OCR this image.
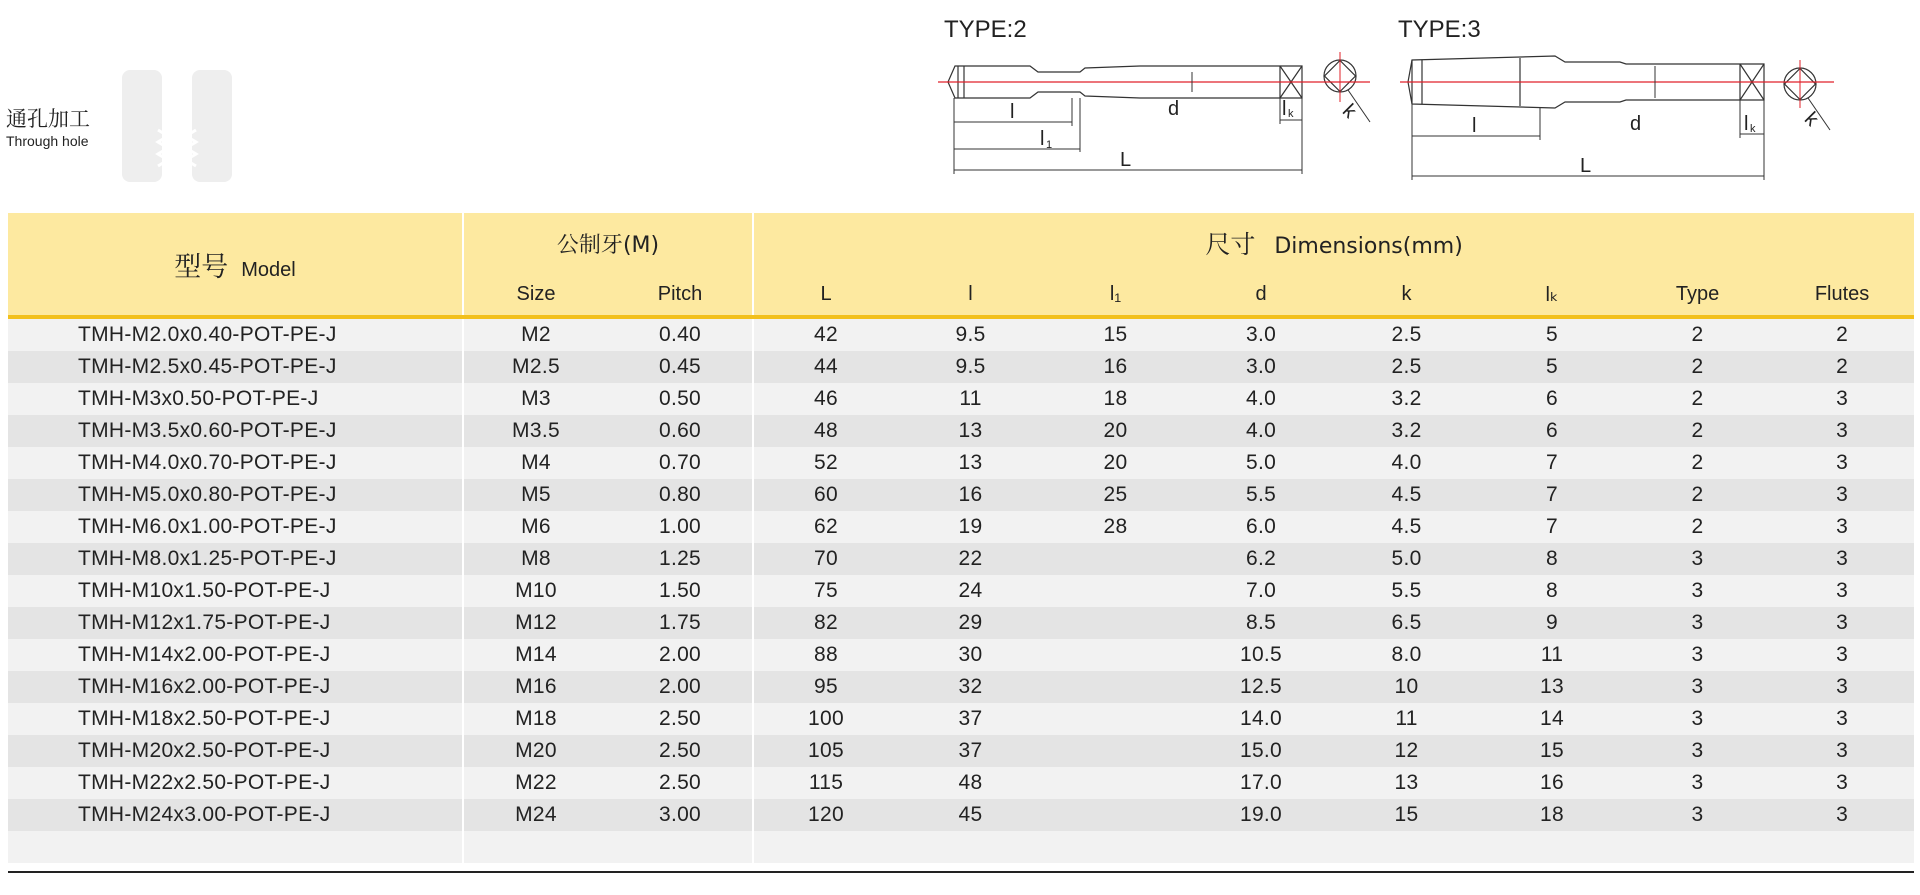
通孔加工
Through hole
TYPE:2
l
l 1
L
d	l k k
TYPE:3
l
L
d	l k k
型号 Model	公制牙(M)		尺寸 Dimensions(mm)							
	Size	Pitch	L	l	l₁	d	k	lₖ	Type	Flutes
TMH-M2.0x0.40-POT-PE-J	M2	0.40	42	9.5	15	3.0	2.5	5	2	2
TMH-M2.5x0.45-POT-PE-J	M2.5	0.45	44	9.5	16	3.0	2.5	5	2	2
TMH-M3x0.50-POT-PE-J	M3	0.50	46	11	18	4.0	3.2	6	2	3
TMH-M3.5x0.60-POT-PE-J	M3.5	0.60	48	13	20	4.0	3.2	6	2	3
TMH-M4.0x0.70-POT-PE-J	M4	0.70	52	13	20	5.0	4.0	7	2	3
TMH-M5.0x0.80-POT-PE-J	M5	0.80	60	16	25	5.5	4.5	7	2	3
TMH-M6.0x1.00-POT-PE-J	M6	1.00	62	19	28	6.0	4.5	7	2	3
TMH-M8.0x1.25-POT-PE-J	M8	1.25	70	22		6.2	5.0	8	3	3
TMH-M10x1.50-POT-PE-J	M10	1.50	75	24		7.0	5.5	8	3	3
TMH-M12x1.75-POT-PE-J	M12	1.75	82	29		8.5	6.5	9	3	3
TMH-M14x2.00-POT-PE-J	M14	2.00	88	30		10.5	8.0	11	3	3
TMH-M16x2.00-POT-PE-J	M16	2.00	95	32		12.5	10	13	3	3
TMH-M18x2.50-POT-PE-J	M18	2.50	100	37		14.0	11	14	3	3
TMH-M20x2.50-POT-PE-J	M20	2.50	105	37		15.0	12	15	3	3
TMH-M22x2.50-POT-PE-J	M22	2.50	115	48		17.0	13	16	3	3
TMH-M24x3.00-POT-PE-J	M24	3.00	120	45		19.0	15	18	3	3
